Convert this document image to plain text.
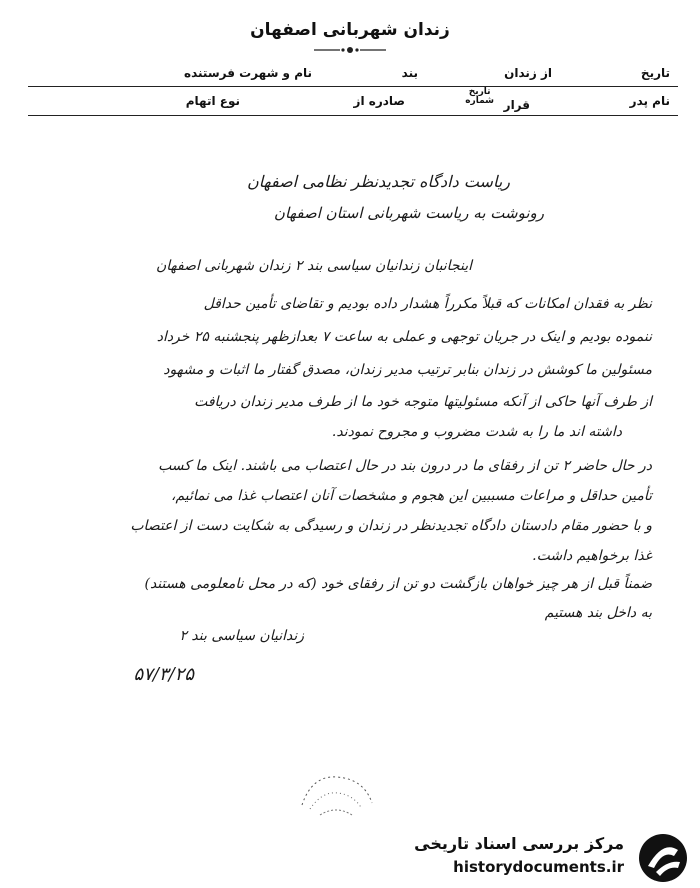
زندان شهربانی اصفهان
تاریخ
از زندان
بند
نام و شهرت فرستنده
نام پدر
قرار
تاریخ
شماره
صادره از
نوع اتهام
ریاست دادگاه تجدیدنظر نظامی اصفهان
رونوشت به ریاست شهربانی استان اصفهان
اینجانبان زندانیان سیاسی بند ۲ زندان شهربانی اصفهان
نظر به فقدان امکانات که قبلاً مکرراً هشدار داده بودیم و تقاضای تأمین حداقل
ننموده بودیم و اینک در جریان توجهی و عملی به ساعت ۷ بعدازظهر پنجشنبه ۲۵ خرداد
مسئولین ما کوشش در زندان بنابر ترتیب مدیر زندان، مصدق گفتار ما اثبات و مشهود
از طرف آنها حاکی از آنکه مسئولیتها متوجه خود ما از طرف مدیر زندان دریافت
داشته اند ما را به شدت مضروب و مجروح نمودند.
در حال حاضر ۲ تن از رفقای ما در درون بند در حال اعتصاب می باشند. اینک ما کسب
تأمین حداقل و مراعات مسببین این هجوم و مشخصات آنان اعتصاب غذا می نمائیم،
و با حضور مقام دادستان دادگاه تجدیدنظر در زندان و رسیدگی به شکایت دست از اعتصاب
غذا برخواهیم داشت.
ضمناً قبل از هر چیز خواهان بازگشت دو تن از رفقای خود (که در محل نامعلومی هستند)
به داخل بند هستیم
زندانیان سیاسی بند ۲
۵۷/۳/۲۵
مرکز بررسی اسناد تاریخی
historydocuments.ir
